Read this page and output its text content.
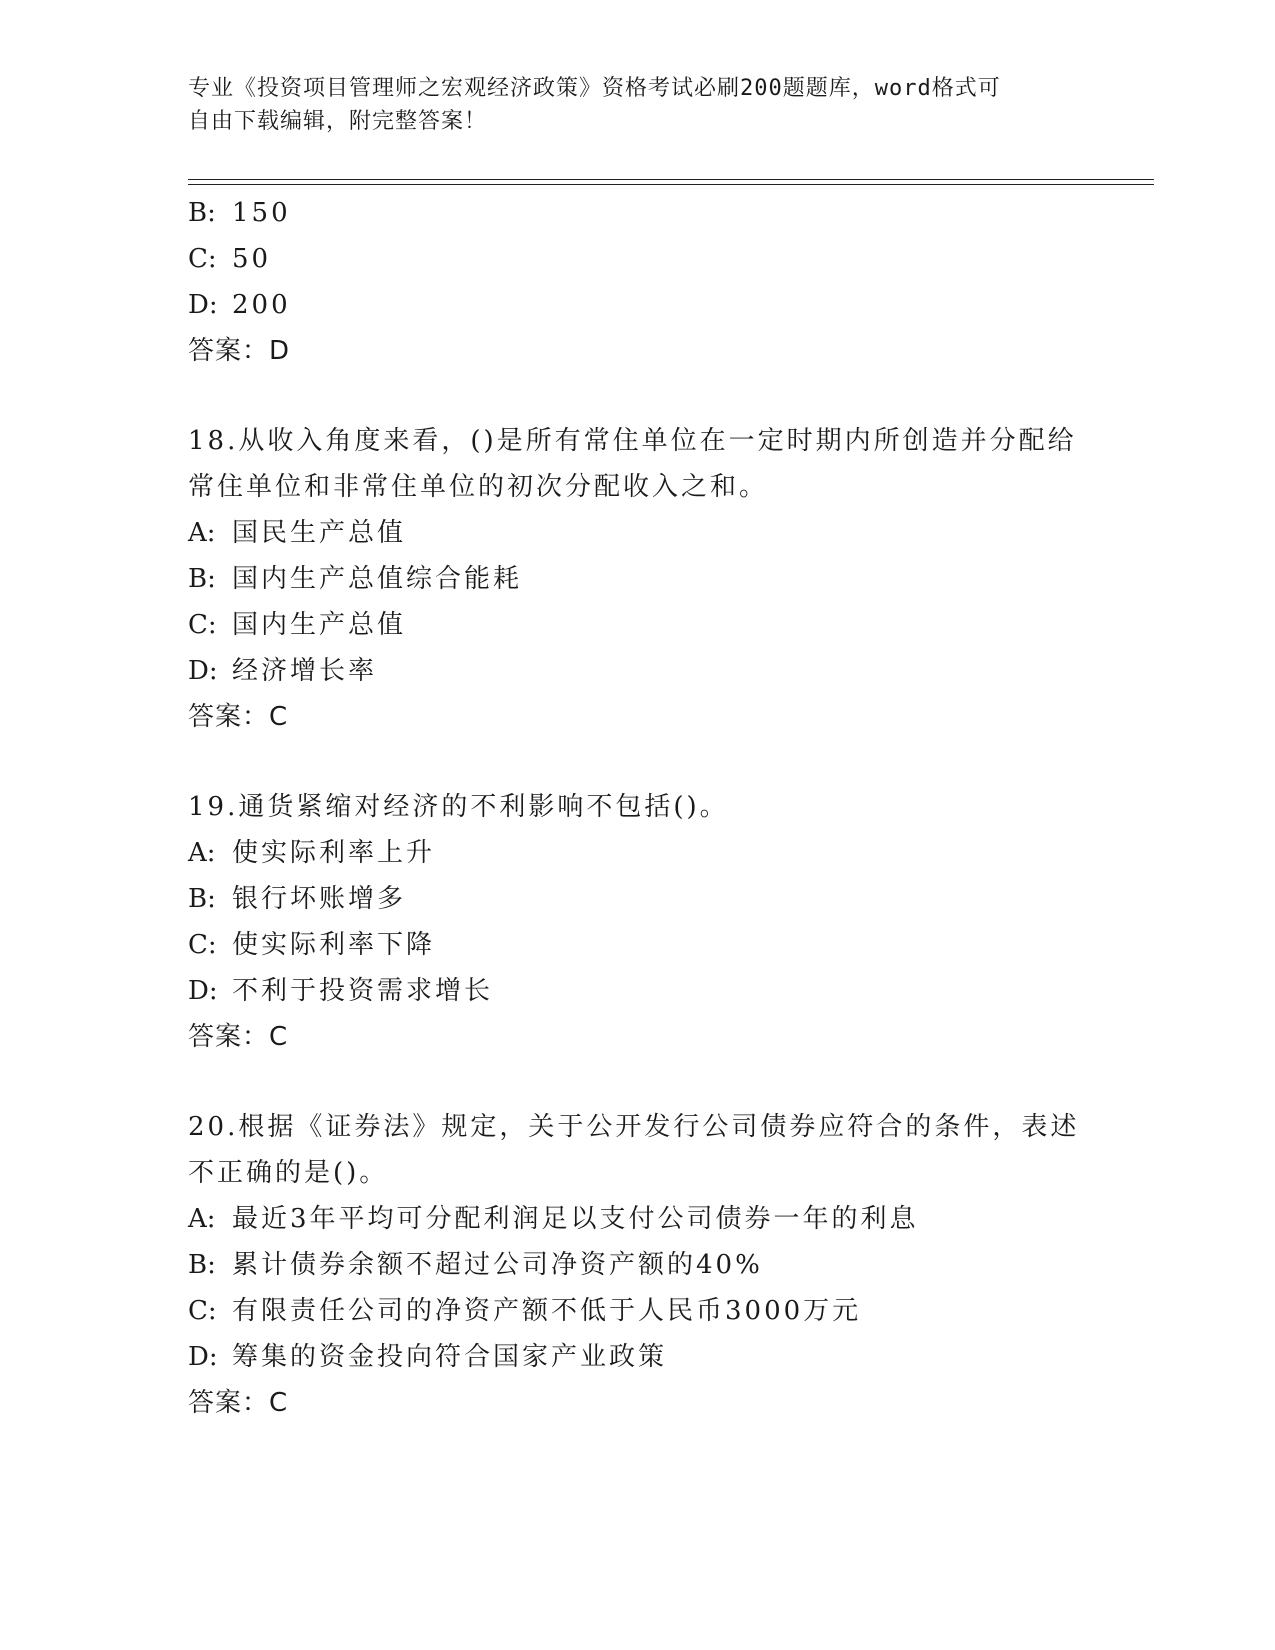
专业《投资项目管理师之宏观经济政策》资格考试必刷200题题库，word格式可
自由下载编辑，附完整答案！
B: 150
C: 50
D: 200
答案：D
18.从收入角度来看，()是所有常住单位在一定时期内所创造并分配给
常住单位和非常住单位的初次分配收入之和。
A: 国民生产总值
B: 国内生产总值综合能耗
C: 国内生产总值
D: 经济增长率
答案：C
19.通货紧缩对经济的不利影响不包括()。
A: 使实际利率上升
B: 银行坏账增多
C: 使实际利率下降
D: 不利于投资需求增长
答案：C
20.根据《证券法》规定，关于公开发行公司债券应符合的条件，表述
不正确的是()。
A: 最近3年平均可分配利润足以支付公司债券一年的利息
B: 累计债券余额不超过公司净资产额的40%
C: 有限责任公司的净资产额不低于人民币3000万元
D: 筹集的资金投向符合国家产业政策
答案：C
